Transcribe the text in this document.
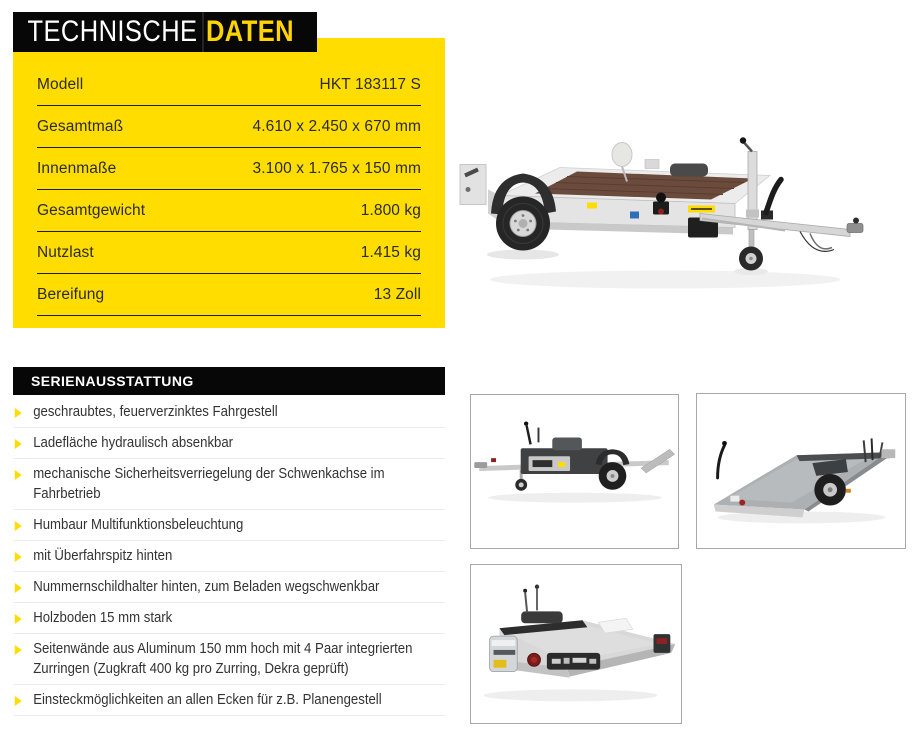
TECHNISCHE DATEN
Modell	HKT 183117 S
Gesamtmaß	4.610 x 2.450 x 670 mm
Innenmaße	3.100 x 1.765 x 150 mm
Gesamtgewicht	1.800 kg
Nutzlast	1.415 kg
Bereifung	13 Zoll
SERIENAUSSTATTUNG
geschraubtes, feuerverzinktes Fahrgestell
Ladefläche hydraulisch absenkbar
mechanische Sicherheitsverriegelung der Schwenkachse im Fahrbetrieb
Humbaur Multifunktionsbeleuchtung
mit Überfahrspitz hinten
Nummernschildhalter hinten, zum Beladen wegschwenkbar
Holzboden 15 mm stark
Seitenwände aus Aluminum 150 mm hoch mit 4 Paar integrierten Zurringen (Zugkraft 400 kg pro Zurring, Dekra geprüft)
Einsteckmöglichkeiten an allen Ecken für z.B. Planengestell
